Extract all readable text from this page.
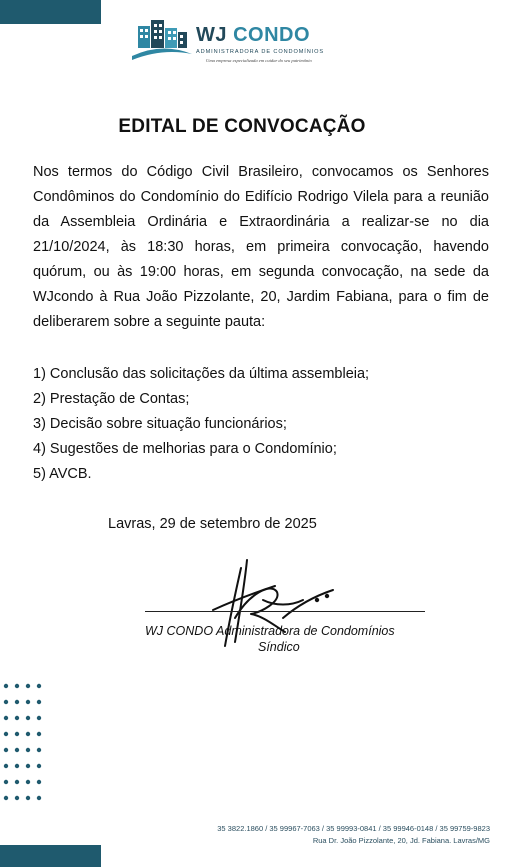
WJ CONDO
ADMINISTRADORA DE CONDOMÍNIOS
Uma empresa especializada em cuidar do seu patrimônio
EDITAL DE CONVOCAÇÃO

Nos termos do Código Civil Brasileiro, convocamos os Senhores Condôminos do Condomínio do Edifício Rodrigo Vilela para a reunião da Assembleia Ordinária e Extraordinária a realizar-se no dia 21/10/2024, às 18:30 horas, em primeira convocação, havendo quórum, ou às 19:00 horas, em segunda convocação, na sede da WJcondo à Rua João Pizzolante, 20, Jardim Fabiana, para o fim de deliberarem sobre a seguinte pauta:

1) Conclusão das solicitações da última assembleia;
2) Prestação de Contas;
3) Decisão sobre situação funcionários;
4) Sugestões de melhorias para o Condomínio;
5) AVCB.
Lavras, 29 de setembro de 2025
WJ CONDO Administradora de Condomínios
Síndico
35 3822.1860 / 35 99967-7063 / 35 99993-0841 / 35 99946-0148 / 35 99759-9823
Rua Dr. João Pizzolante, 20, Jd. Fabiana. Lavras/MG
